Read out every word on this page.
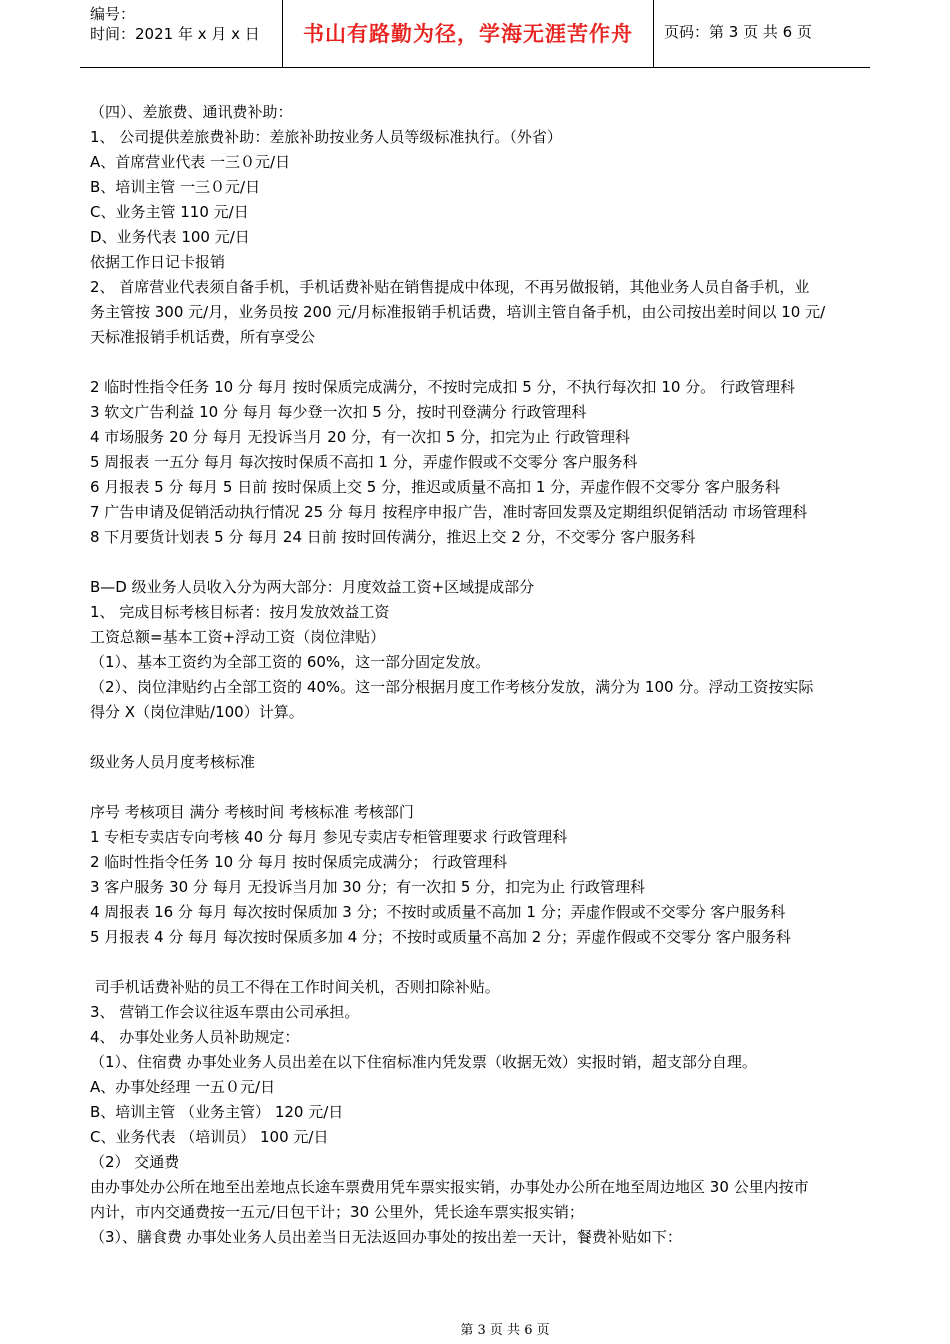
编号：
时间：2021 年 x 月 x 日	书山有路勤为径，学海无涯苦作舟	页码：第 3 页 共 6 页

（四）、差旅费、通讯费补助：

1、 公司提供差旅费补助：差旅补助按业务人员等级标准执行。（外省）

A、首席营业代表 一三０元/日

B、培训主管 一三０元/日

C、业务主管 110 元/日

D、业务代表 100 元/日

依据工作日记卡报销

2、 首席营业代表须自备手机，手机话费补贴在销售提成中体现，不再另做报销，其他业务人员自备手机，业

务主管按 300 元/月，业务员按 200 元/月标准报销手机话费，培训主管自备手机，由公司按出差时间以 10 元/

天标准报销手机话费，所有享受公

2 临时性指令任务 10 分 每月 按时保质完成满分，不按时完成扣 5 分，不执行每次扣 10 分。 行政管理科

3 软文广告利益 10 分 每月 每少登一次扣 5 分，按时刊登满分 行政管理科

4 市场服务 20 分 每月 无投诉当月 20 分，有一次扣 5 分，扣完为止 行政管理科

5 周报表 一五分 每月 每次按时保质不高扣 1 分，弄虚作假或不交零分 客户服务科

6 月报表 5 分 每月 5 日前 按时保质上交 5 分，推迟或质量不高扣 1 分，弄虚作假不交零分 客户服务科

7 广告申请及促销活动执行情况 25 分 每月 按程序申报广告，准时寄回发票及定期组织促销活动 市场管理科

8 下月要货计划表 5 分 每月 24 日前 按时回传满分，推迟上交 2 分，不交零分 客户服务科

B—D 级业务人员收入分为两大部分：月度效益工资+区域提成部分

1、 完成目标考核目标者：按月发放效益工资

工资总额=基本工资+浮动工资（岗位津贴）

（1）、基本工资约为全部工资的 60%，这一部分固定发放。

（2）、岗位津贴约占全部工资的 40%。这一部分根据月度工作考核分发放，满分为 100 分。浮动工资按实际

得分 X（岗位津贴/100）计算。

级业务人员月度考核标准

序号 考核项目 满分 考核时间 考核标准 考核部门

1 专柜专卖店专向考核 40 分 每月 参见专卖店专柜管理要求 行政管理科

2 临时性指令任务 10 分 每月 按时保质完成满分； 行政管理科

3 客户服务 30 分 每月 无投诉当月加 30 分；有一次扣 5 分，扣完为止 行政管理科

4 周报表 16 分 每月 每次按时保质加 3 分；不按时或质量不高加 1 分；弄虚作假或不交零分 客户服务科

5 月报表 4 分 每月 每次按时保质多加 4 分；不按时或质量不高加 2 分；弄虚作假或不交零分 客户服务科

司手机话费补贴的员工不得在工作时间关机，否则扣除补贴。

3、 营销工作会议往返车票由公司承担。

4、 办事处业务人员补助规定：

（1）、住宿费 办事处业务人员出差在以下住宿标准内凭发票（收据无效）实报时销，超支部分自理。

A、办事处经理 一五０元/日

B、培训主管 （业务主管） 120 元/日

C、业务代表 （培训员） 100 元/日

（2） 交通费

由办事处办公所在地至出差地点长途车票费用凭车票实报实销，办事处办公所在地至周边地区 30 公里内按市

内计，市内交通费按一五元/日包干计；30 公里外，凭长途车票实报实销；

（3）、膳食费 办事处业务人员出差当日无法返回办事处的按出差一天计，餐费补贴如下：

第 3 页 共 6 页
